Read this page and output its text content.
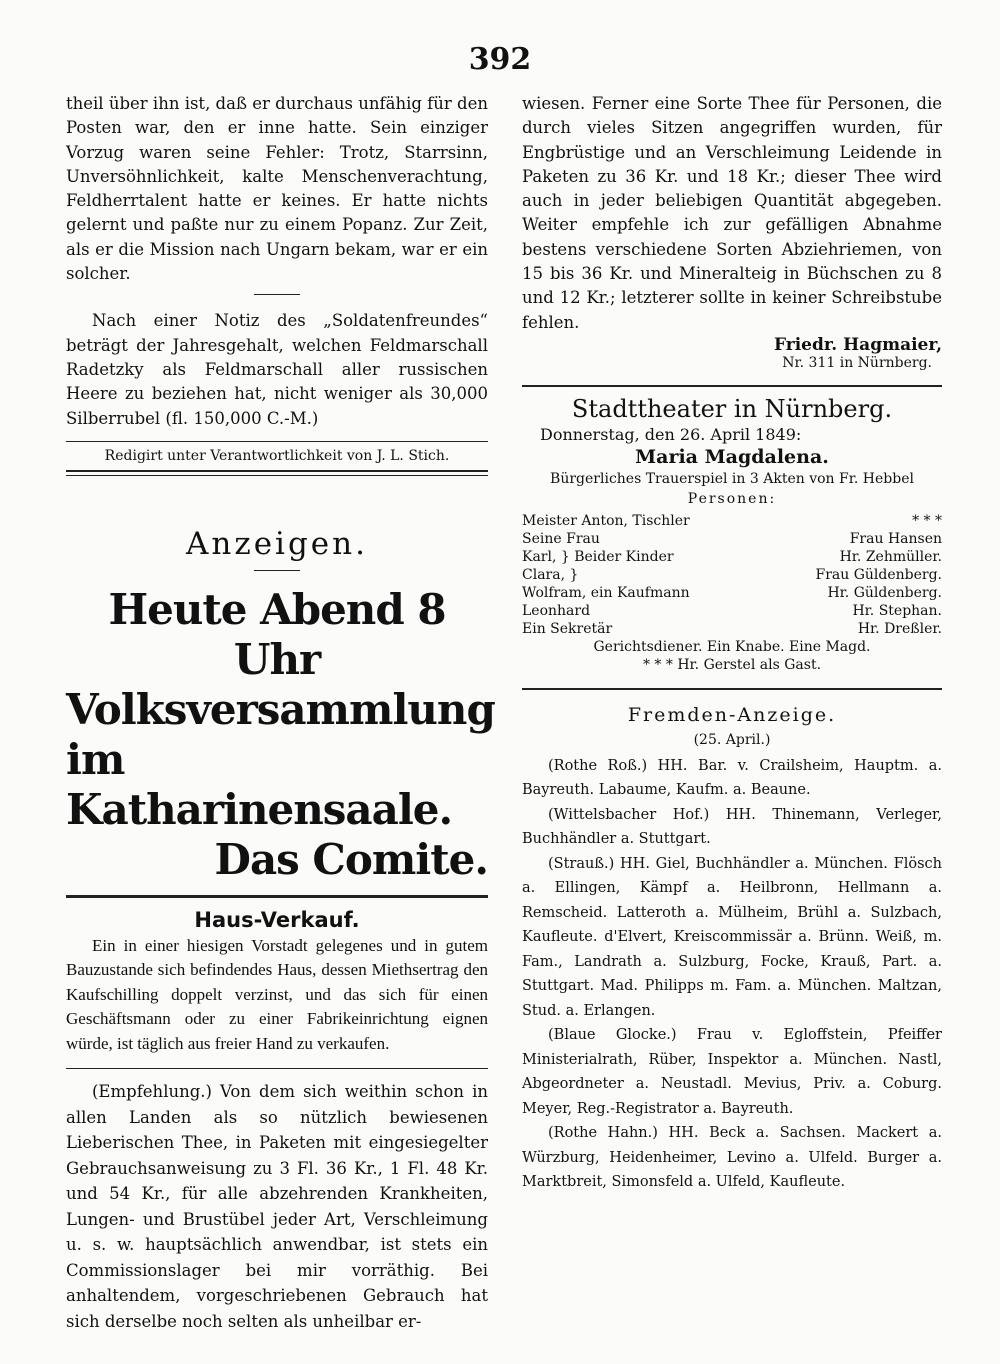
392

theil über ihn ist, daß er durchaus unfähig für den Posten war, den er inne hatte. Sein einziger Vorzug waren seine Fehler: Trotz, Starrsinn, Unversöhnlichkeit, kalte Menschenverachtung, Feldherrtalent hatte er keines. Er hatte nichts gelernt und paßte nur zu einem Popanz. Zur Zeit, als er die Mission nach Ungarn bekam, war er ein solcher.

Nach einer Notiz des „Soldatenfreundes“ beträgt der Jahresgehalt, welchen Feldmarschall Radetzky als Feldmarschall aller russischen Heere zu beziehen hat, nicht weniger als 30,000 Silberrubel (fl. 150,000 C.-M.)

Redigirt unter Verantwortlichkeit von J. L. Stich.
Anzeigen.
Heute Abend 8 Uhr
Volksversammlung im
Katharinensaale.
Das Comite.
Haus-Verkauf.

Ein in einer hiesigen Vorstadt gelegenes und in gutem Bauzustande sich befindendes Haus, dessen Miethsertrag den Kaufschilling doppelt verzinst, und das sich für einen Geschäftsmann oder zu einer Fabrikeinrichtung eignen würde, ist täglich aus freier Hand zu verkaufen.

(Empfehlung.) Von dem sich weithin schon in allen Landen als so nützlich bewiesenen Lieberischen Thee, in Paketen mit eingesiegelter Gebrauchsanweisung zu 3 Fl. 36 Kr., 1 Fl. 48 Kr. und 54 Kr., für alle abzehrenden Krankheiten, Lungen- und Brustübel jeder Art, Verschleimung u. s. w. hauptsächlich anwendbar, ist stets ein Commissionslager bei mir vorräthig. Bei anhaltendem, vorgeschriebenen Gebrauch hat sich derselbe noch selten als unheilbar er-

wiesen. Ferner eine Sorte Thee für Personen, die durch vieles Sitzen angegriffen wurden, für Engbrüstige und an Verschleimung Leidende in Paketen zu 36 Kr. und 18 Kr.; dieser Thee wird auch in jeder beliebigen Quantität abgegeben. Weiter empfehle ich zur gefälligen Abnahme bestens verschiedene Sorten Abziehriemen, von 15 bis 36 Kr. und Mineralteig in Büchschen zu 8 und 12 Kr.; letzterer sollte in keiner Schreibstube fehlen.

Friedr. Hagmaier,
Nr. 311 in Nürnberg.
Stadttheater in Nürnberg.
Donnerstag, den 26. April 1849:
Maria Magdalena.
Bürgerliches Trauerspiel in 3 Akten von Fr. Hebbel
Personen:
Meister Anton, Tischler	* * *
Seine Frau	Frau Hansen
Karl, } Beider Kinder	Hr. Zehmüller.
Clara, }	Frau Güldenberg.
Wolfram, ein Kaufmann	Hr. Güldenberg.
Leonhard	Hr. Stephan.
Ein Sekretär	Hr. Dreßler.
Gerichtsdiener. Ein Knabe. Eine Magd.
* * * Hr. Gerstel als Gast.
Fremden-Anzeige.
(25. April.)

(Rothe Roß.) HH. Bar. v. Crailsheim, Hauptm. a. Bayreuth. Labaume, Kaufm. a. Beaune.

(Wittelsbacher Hof.) HH. Thinemann, Verleger, Buchhändler a. Stuttgart.

(Strauß.) HH. Giel, Buchhändler a. München. Flösch a. Ellingen, Kämpf a. Heilbronn, Hellmann a. Remscheid. Latteroth a. Mülheim, Brühl a. Sulzbach, Kaufleute. d'Elvert, Kreiscommissär a. Brünn. Weiß, m. Fam., Landrath a. Sulzburg, Focke, Krauß, Part. a. Stuttgart. Mad. Philipps m. Fam. a. München. Maltzan, Stud. a. Erlangen.

(Blaue Glocke.) Frau v. Egloffstein, Pfeiffer Ministerialrath, Rüber, Inspektor a. München. Nastl, Abgeordneter a. Neustadl. Mevius, Priv. a. Coburg. Meyer, Reg.-Registrator a. Bayreuth.

(Rothe Hahn.) HH. Beck a. Sachsen. Mackert a. Würzburg, Heidenheimer, Levino a. Ulfeld. Burger a. Marktbreit, Simonsfeld a. Ulfeld, Kaufleute.
